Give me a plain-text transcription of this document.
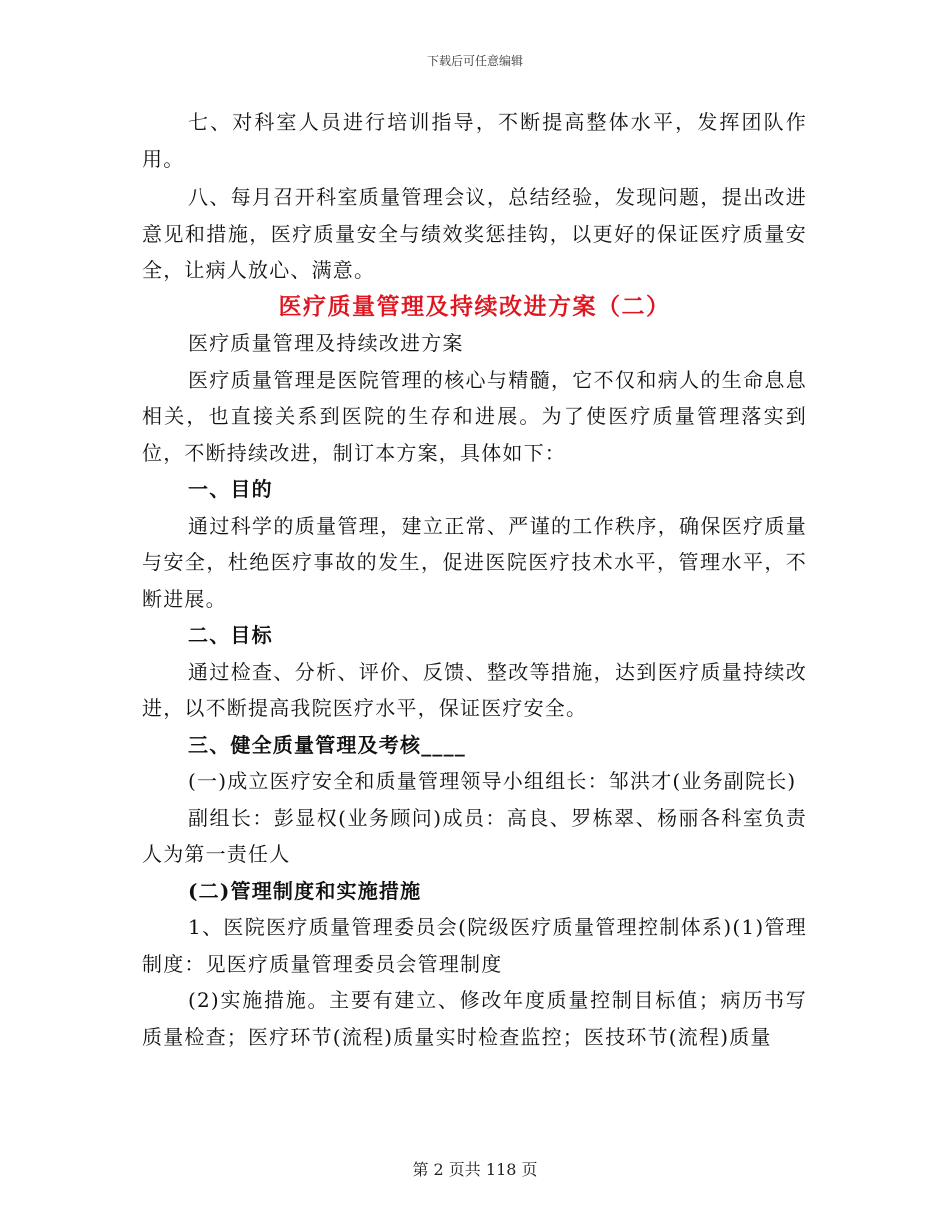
下载后可任意编辑

七、对科室人员进行培训指导，不断提高整体水平，发挥团队作用。

八、每月召开科室质量管理会议，总结经验，发现问题，提出改进意见和措施，医疗质量安全与绩效奖惩挂钩，以更好的保证医疗质量安全，让病人放心、满意。

医疗质量管理及持续改进方案（二）

医疗质量管理及持续改进方案

医疗质量管理是医院管理的核心与精髓，它不仅和病人的生命息息相关，也直接关系到医院的生存和进展。为了使医疗质量管理落实到位，不断持续改进，制订本方案，具体如下：

一、目的

通过科学的质量管理，建立正常、严谨的工作秩序，确保医疗质量与安全，杜绝医疗事故的发生，促进医院医疗技术水平，管理水平，不断进展。

二、目标

通过检查、分析、评价、反馈、整改等措施，达到医疗质量持续改进，以不断提高我院医疗水平，保证医疗安全。

三、健全质量管理及考核____

(一)成立医疗安全和质量管理领导小组组长：邹洪才(业务副院长)

副组长：彭显权(业务顾问)成员：高良、罗栋翠、杨丽各科室负责人为第一责任人

(二)管理制度和实施措施

1、医院医疗质量管理委员会(院级医疗质量管理控制体系)(1)管理制度：见医疗质量管理委员会管理制度

(2)实施措施。主要有建立、修改年度质量控制目标值；病历书写质量检查；医疗环节(流程)质量实时检查监控；医技环节(流程)质量

第 2 页共 118 页
